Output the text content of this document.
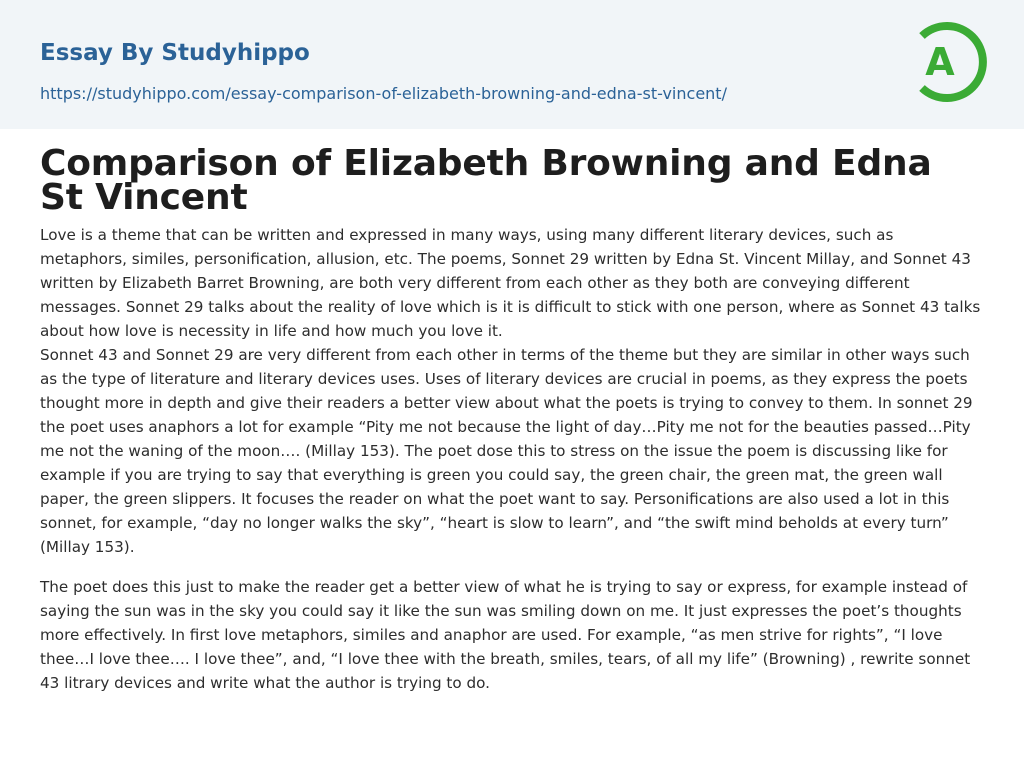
Essay By Studyhippo
https://studyhippo.com/essay-comparison-of-elizabeth-browning-and-edna-st-vincent/
A
Comparison of Elizabeth Browning and Edna St Vincent

Love is a theme that can be written and expressed in many ways, using many different literary devices, such as metaphors, similes, personification, allusion, etc. The poems, Sonnet 29 written by Edna St. Vincent Millay, and Sonnet 43 written by Elizabeth Barret Browning, are both very different from each other as they both are conveying different messages. Sonnet 29 talks about the reality of love which is it is difficult to stick with one person, where as Sonnet 43 talks about how love is necessity in life and how much you love it.

Sonnet 43 and Sonnet 29 are very different from each other in terms of the theme but they are similar in other ways such as the type of literature and literary devices uses. Uses of literary devices are crucial in poems, as they express the poets thought more in depth and give their readers a better view about what the poets is trying to convey to them. In sonnet 29 the poet uses anaphors a lot for example “Pity me not because the light of day…Pity me not for the beauties passed…Pity me not the waning of the moon…. (Millay 153). The poet dose this to stress on the issue the poem is discussing like for example if you are trying to say that everything is green you could say, the green chair, the green mat, the green wall paper, the green slippers. It focuses the reader on what the poet want to say. Personifications are also used a lot in this sonnet, for example, “day no longer walks the sky”, “heart is slow to learn”, and “the swift mind beholds at every turn” (Millay 153).

The poet does this just to make the reader get a better view of what he is trying to say or express, for example instead of saying the sun was in the sky you could say it like the sun was smiling down on me. It just expresses the poet’s thoughts more effectively. In first love metaphors, similes and anaphor are used. For example, “as men strive for rights”, “I love thee…I love thee…. I love thee”, and, “I love thee with the breath, smiles, tears, of all my life” (Browning) , rewrite sonnet 43 litrary devices and write what the author is trying to do.
